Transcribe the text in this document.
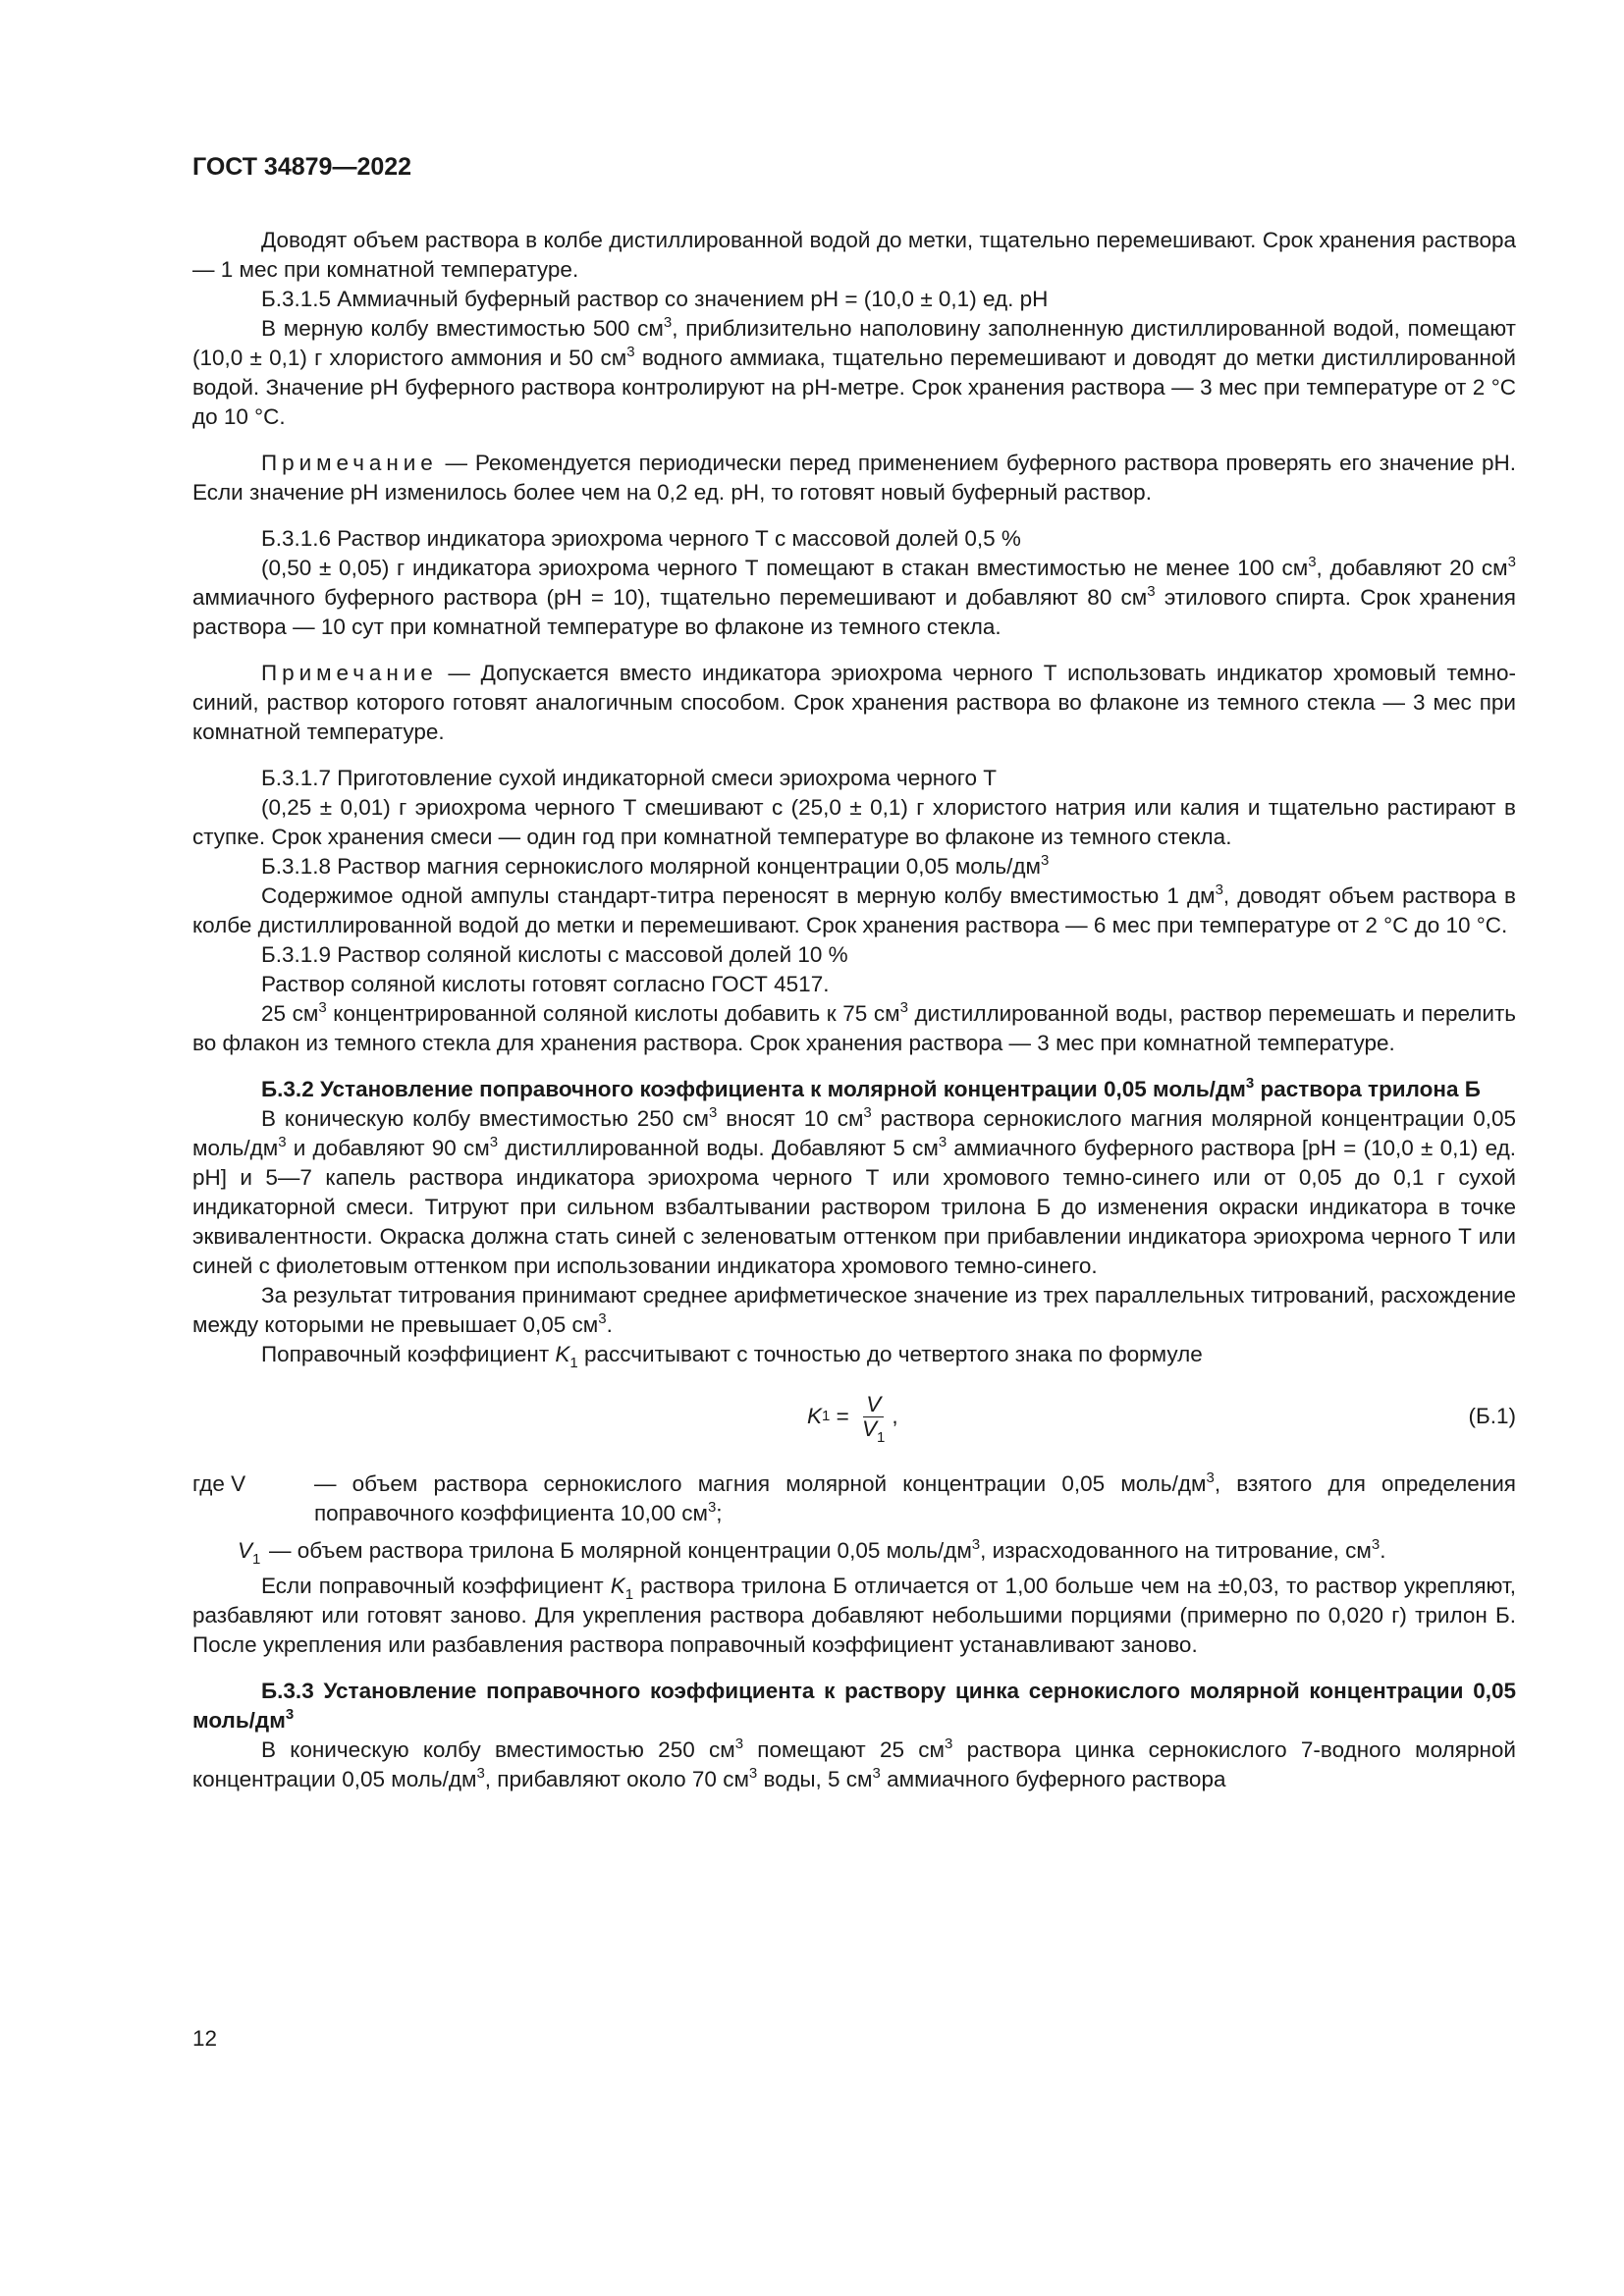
ГОСТ 34879—2022

Доводят объем раствора в колбе дистиллированной водой до метки, тщательно перемешивают. Срок хранения раствора — 1 мес при комнатной температуре.

Б.3.1.5 Аммиачный буферный раствор со значением pH = (10,0 ± 0,1) ед. pH

В мерную колбу вместимостью 500 $см^3$, приблизительно наполовину заполненную дистиллированной водой, помещают (10,0 ± 0,1) г хлористого аммония и 50 $см^3$ водного аммиака, тщательно перемешивают и доводят до метки дистиллированной водой. Значение pH буферного раствора контролируют на pH-метре. Срок хранения раствора — 3 мес при температуре от 2 °С до 10 °С.

Примечание — Рекомендуется периодически перед применением буферного раствора проверять его значение pH. Если значение pH изменилось более чем на 0,2 ед. pH, то готовят новый буферный раствор.

Б.3.1.6 Раствор индикатора эриохрома черного Т с массовой долей 0,5 %

(0,50 ± 0,05) г индикатора эриохрома черного Т помещают в стакан вместимостью не менее 100 $см^3$, добавляют 20 $см^3$ аммиачного буферного раствора (pH = 10), тщательно перемешивают и добавляют 80 $см^3$ этилового спирта. Срок хранения раствора — 10 сут при комнатной температуре во флаконе из темного стекла.

Примечание — Допускается вместо индикатора эриохрома черного Т использовать индикатор хромовый темно-синий, раствор которого готовят аналогичным способом. Срок хранения раствора во флаконе из темного стекла — 3 мес при комнатной температуре.

Б.3.1.7 Приготовление сухой индикаторной смеси эриохрома черного Т

(0,25 ± 0,01) г эриохрома черного Т смешивают с (25,0 ± 0,1) г хлористого натрия или калия и тщательно растирают в ступке. Срок хранения смеси — один год при комнатной температуре во флаконе из темного стекла.

Б.3.1.8 Раствор магния сернокислого молярной концентрации 0,05 моль/$дм^3$

Содержимое одной ампулы стандарт-титра переносят в мерную колбу вместимостью 1 $дм^3$, доводят объем раствора в колбе дистиллированной водой до метки и перемешивают. Срок хранения раствора — 6 мес при температуре от 2 °С до 10 °С.

Б.3.1.9 Раствор соляной кислоты с массовой долей 10 %

Раствор соляной кислоты готовят согласно ГОСТ 4517.

25 $см^3$ концентрированной соляной кислоты добавить к 75 $см^3$ дистиллированной воды, раствор перемешать и перелить во флакон из темного стекла для хранения раствора. Срок хранения раствора — 3 мес при комнатной температуре.

Б.3.2 Установление поправочного коэффициента к молярной концентрации 0,05 моль/$дм^3$ раствора трилона Б

В коническую колбу вместимостью 250 $см^3$ вносят 10 $см^3$ раствора сернокислого магния молярной концентрации 0,05 моль/$дм^3$ и добавляют 90 $см^3$ дистиллированной воды. Добавляют 5 $см^3$ аммиачного буферного раствора [pH = (10,0 ± 0,1) ед. pH] и 5—7 капель раствора индикатора эриохрома черного Т или хромового темно-синего или от 0,05 до 0,1 г сухой индикаторной смеси. Титруют при сильном взбалтывании раствором трилона Б до изменения окраски индикатора в точке эквивалентности. Окраска должна стать синей с зеленоватым оттенком при прибавлении индикатора эриохрома черного Т или синей с фиолетовым оттенком при использовании индикатора хромового темно-синего.

За результат титрования принимают среднее арифметическое значение из трех параллельных титрований, расхождение между которыми не превышает 0,05 $см^3$.

Поправочный коэффициент $K_1$ рассчитывают с точностью до четвертого знака по формуле

K $1 = \frac{V}{V_1}$ ,	(Б.1)
где V	— объем раствора сернокислого магния молярной концентрации 0,05 моль/$дм^3$, взятого для определения поправочного коэффициента 10,00 $см^3$;
$V_1$ — объем раствора трилона Б молярной концентрации 0,05 моль/$дм^3$, израсходованного на титрование, $см^3$.

Если поправочный коэффициент $K_1$ раствора трилона Б отличается от 1,00 больше чем на ±0,03, то раствор укрепляют, разбавляют или готовят заново. Для укрепления раствора добавляют небольшими порциями (примерно по 0,020 г) трилон Б. После укрепления или разбавления раствора поправочный коэффициент устанавливают заново.

Б.3.3 Установление поправочного коэффициента к раствору цинка сернокислого молярной концентрации 0,05 моль/$дм^3$

В коническую колбу вместимостью 250 $см^3$ помещают 25 $см^3$ раствора цинка сернокислого 7-водного молярной концентрации 0,05 моль/$дм^3$, прибавляют около 70 $см^3$ воды, 5 $см^3$ аммиачного буферного раствора

12
